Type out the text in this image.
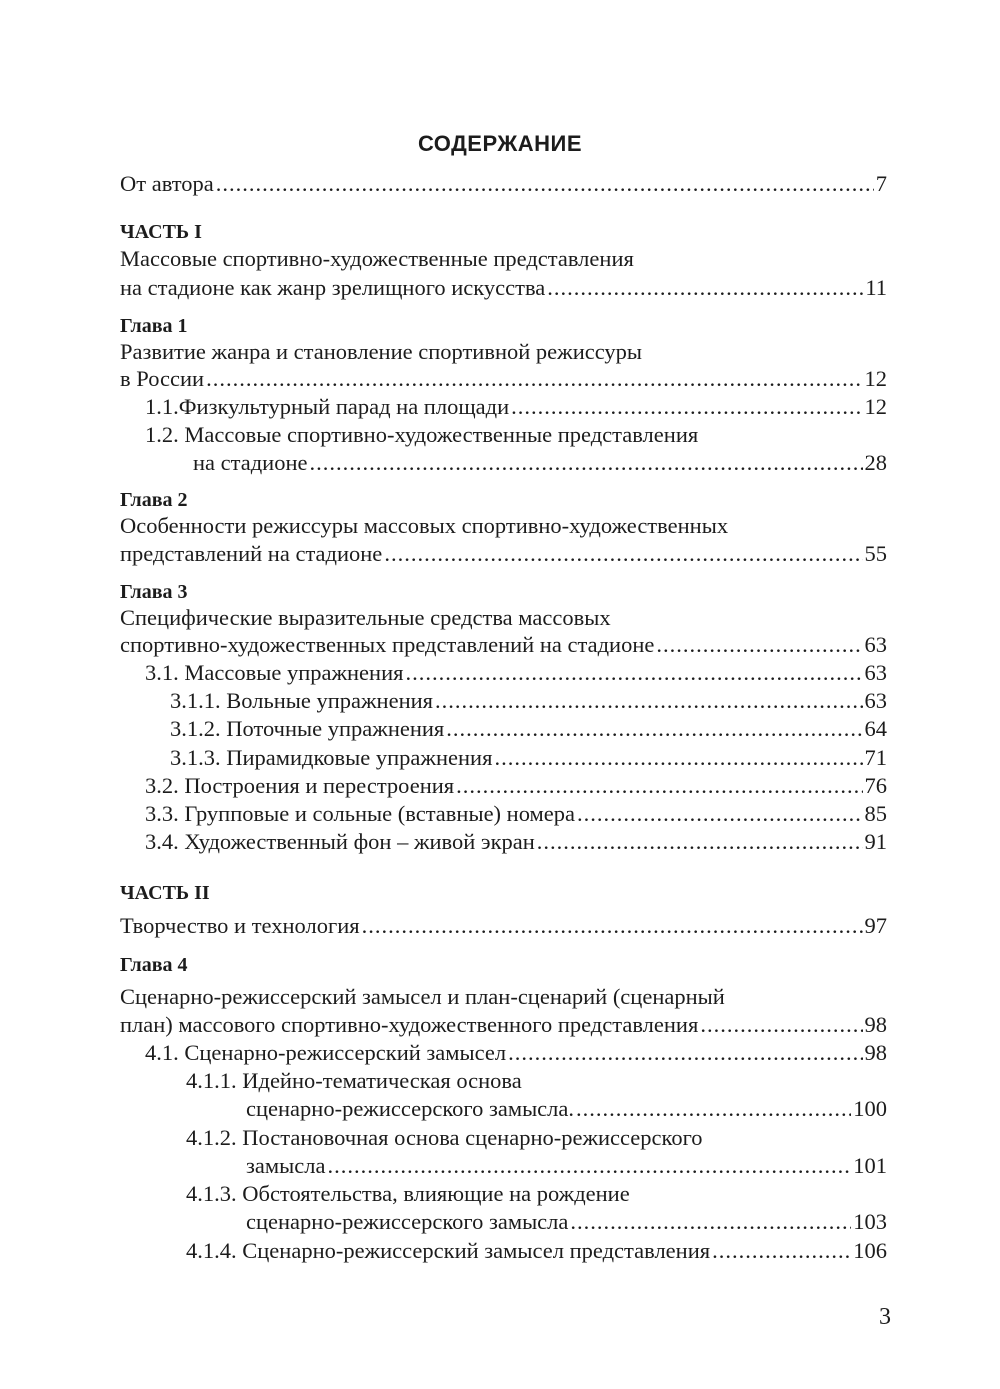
СОДЕРЖАНИЕ
От автора .....	7
ЧАСТЬ I
Массовые спортивно-художественные представления
на стадионе как жанр зрелищного искусства .....	11
Глава 1
Развитие жанра и становление спортивной режиссуры
в России .....	12
1.1.Физкультурный парад на площади .....	12
1.2. Массовые спортивно-художественные представления
на стадионе .....	28
Глава 2
Особенности режиссуры массовых спортивно-художественных
представлений на стадионе .....	55
Глава 3
Специфические выразительные средства массовых
спортивно-художественных представлений на стадионе .....	63
3.1. Массовые упражнения .....	63
3.1.1. Вольные упражнения .....	63
3.1.2. Поточные упражнения .....	64
3.1.3. Пирамидковые упражнения .....	71
3.2. Построения и перестроения .....	76
3.3. Групповые и сольные (вставные) номера .....	85
3.4. Художественный фон – живой экран .....	91
ЧАСТЬ II
Творчество и технология .....	97
Глава 4
Сценарно-режиссерский замысел и план-сценарий (сценарный
план) массового спортивно-художественного представления .....	98
4.1. Сценарно-режиссерский замысел .....	98
4.1.1. Идейно-тематическая основа
сценарно-режиссерского замысла. .....	100
4.1.2. Постановочная основа сценарно-режиссерского
замысла .....	101
4.1.3. Обстоятельства, влияющие на рождение
сценарно-режиссерского замысла .....	103
4.1.4. Сценарно-режиссерский замысел представления .....	106
3
